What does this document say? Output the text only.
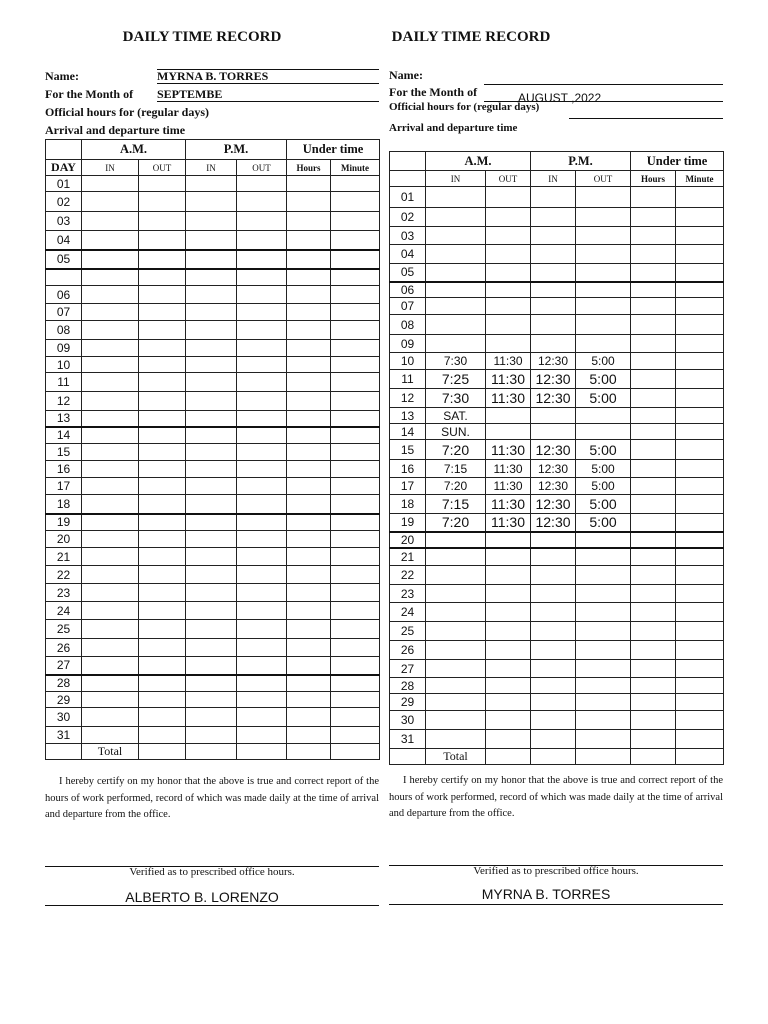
DAILY TIME RECORD
Name:	MYRNA B. TORRES
For the Month of SEPTEMBE
Official hours for (regular days)
Arrival and departure time
	A.M.		P.M.		Under time	
DAY	IN	OUT	IN	OUT	Hours	Minute
01						
02						
03						
04						
05						

06						
07						
08						
09						
10						
11						
12						
13						
14						
15						
16						
17						
18						
19						
20						
21						
22						
23						
24						
25						
26						
27						
28						
29						
30						
31						
	Total					
I hereby certify on my honor that the above is true and correct report of the hours of work performed, record of which was made daily at the time of arrival and departure from the office.
Verified as to prescribed office hours.
ALBERTO B. LORENZO
DAILY TIME RECORD
Name:
For the Month of	AUGUST ,2022
Official hours for (regular days)
Arrival and departure time
	A.M.		P.M.		Under time	
	IN	OUT	IN	OUT	Hours	Minute
01						
02						
03						
04						
05						
06						
07						
08						
09						
10	7:30	11:30	12:30	5:00		
11	7:25	11:30	12:30	5:00		
12	7:30	11:30	12:30	5:00		
13	SAT.					
14	SUN.					
15	7:20	11:30	12:30	5:00		
16	7:15	11:30	12:30	5:00		
17	7:20	11:30	12:30	5:00		
18	7:15	11:30	12:30	5:00		
19	7:20	11:30	12:30	5:00		
20						
21						
22						
23						
24						
25						
26						
27						
28						
29						
30						
31						
	Total					
I hereby certify on my honor that the above is true and correct report of the hours of work performed, record of which was made daily at the time of arrival and departure from the office.
Verified as to prescribed office hours.
MYRNA B. TORRES
